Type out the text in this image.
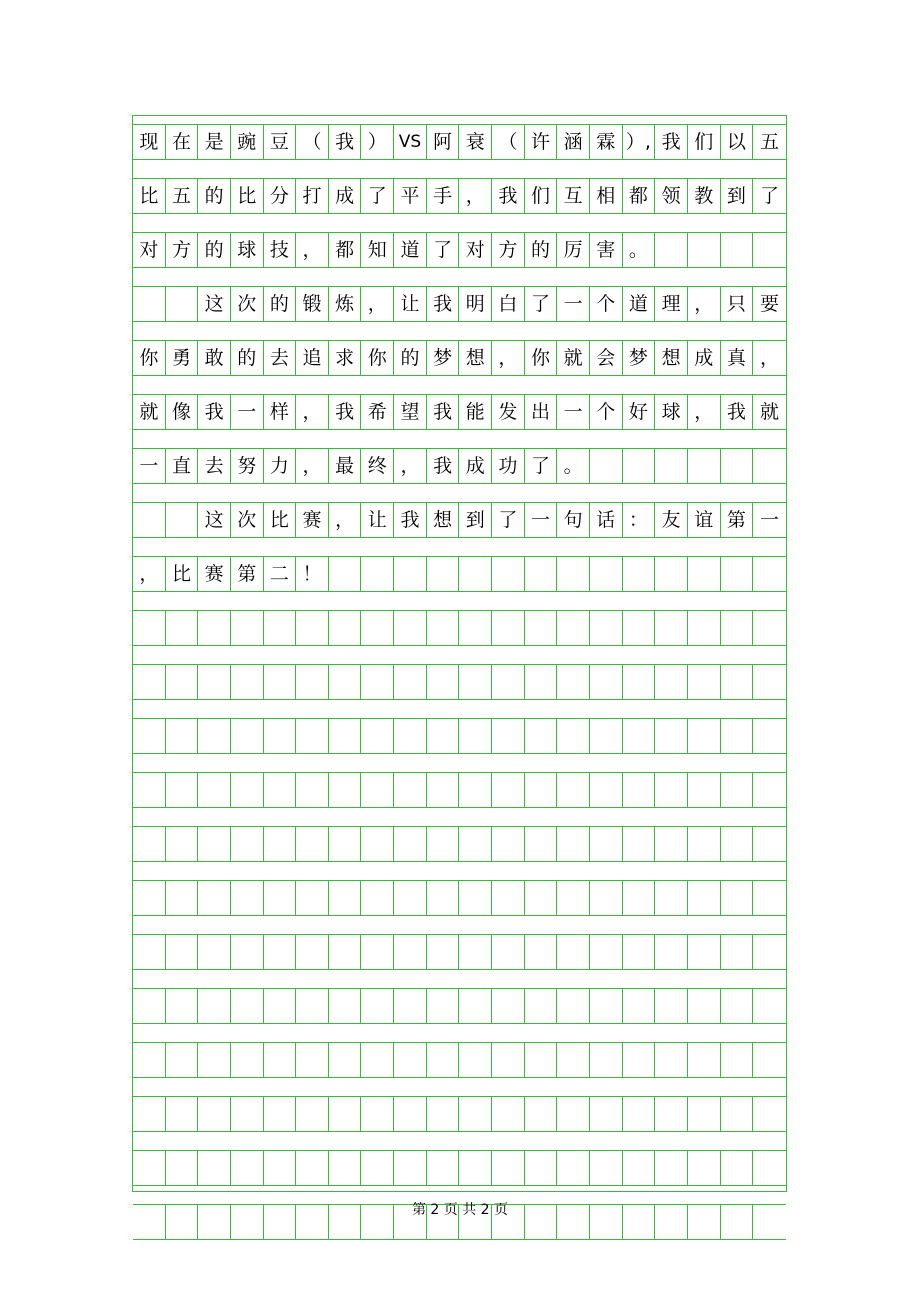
现 在 是 豌 豆 （ 我 ） VS 阿 衰 （ 许 涵 霖 ）, 我 们 以 五
比 五 的 比 分 打 成 了 平 手 ， 我 们 互 相 都 领 教 到 了
对 方 的 球 技 ， 都 知 道 了 对 方 的 厉 害 。
这 次 的 锻 炼 ， 让 我 明 白 了 一 个 道 理 ， 只 要
你 勇 敢 的 去 追 求 你 的 梦 想 ， 你 就 会 梦 想 成 真 ，
就 像 我 一 样 ， 我 希 望 我 能 发 出 一 个 好 球 ， 我 就
一 直 去 努 力 ， 最 终 ， 我 成 功 了 。
这 次 比 赛 ， 让 我 想 到 了 一 句 话 ： 友 谊 第 一
， 比 赛 第 二 ！
第 2 页 共 2 页
